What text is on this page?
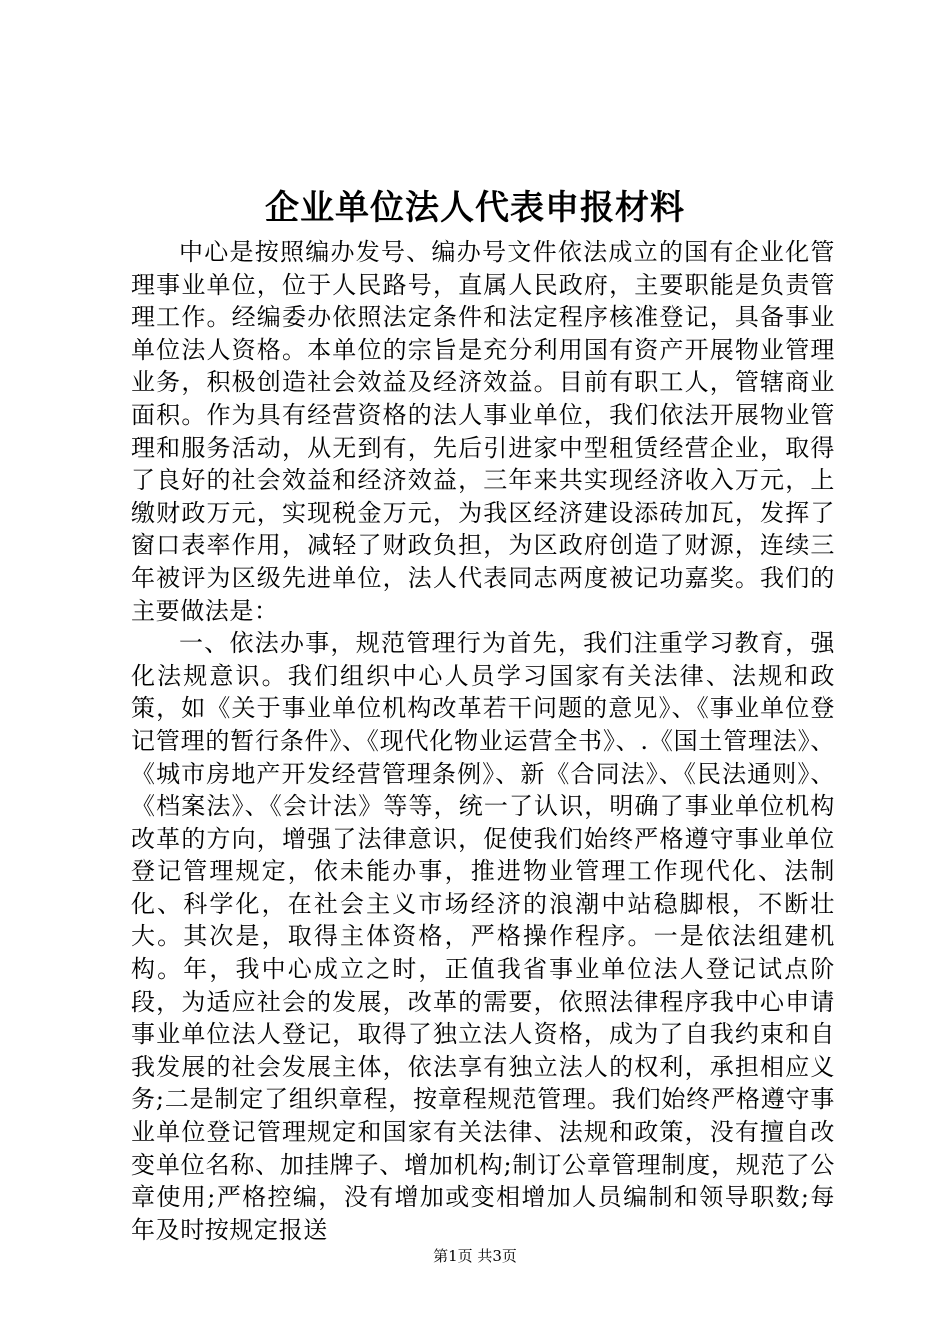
企业单位法人代表申报材料

中心是按照编办发号、编办号文件依法成立的国有企业化管理事业单位，位于人民路号，直属人民政府，主要职能是负责管理工作。经编委办依照法定条件和法定程序核准登记，具备事业单位法人资格。本单位的宗旨是充分利用国有资产开展物业管理业务，积极创造社会效益及经济效益。目前有职工人，管辖商业面积。作为具有经营资格的法人事业单位，我们依法开展物业管理和服务活动，从无到有，先后引进家中型租赁经营企业，取得了良好的社会效益和经济效益，三年来共实现经济收入万元，上缴财政万元，实现税金万元，为我区经济建设添砖加瓦，发挥了窗口表率作用，减轻了财政负担，为区政府创造了财源，连续三年被评为区级先进单位，法人代表同志两度被记功嘉奖。我们的主要做法是：

一、依法办事，规范管理行为首先，我们注重学习教育，强化法规意识。我们组织中心人员学习国家有关法律、法规和政策，如《关于事业单位机构改革若干问题的意见》、《事业单位登记管理的暂行条件》、《现代化物业运营全书》、.《国土管理法》、《城市房地产开发经营管理条例》、新《合同法》、《民法通则》、《档案法》、《会计法》等等，统一了认识，明确了事业单位机构改革的方向，增强了法律意识，促使我们始终严格遵守事业单位登记管理规定，依未能办事，推进物业管理工作现代化、法制化、科学化，在社会主义市场经济的浪潮中站稳脚根，不断壮大。其次是，取得主体资格，严格操作程序。一是依法组建机构。年，我中心成立之时，正值我省事业单位法人登记试点阶段，为适应社会的发展，改革的需要，依照法律程序我中心申请事业单位法人登记，取得了独立法人资格，成为了自我约束和自我发展的社会发展主体，依法享有独立法人的权利，承担相应义务;二是制定了组织章程，按章程规范管理。我们始终严格遵守事业单位登记管理规定和国家有关法律、法规和政策，没有擅自改变单位名称、加挂牌子、增加机构;制订公章管理制度，规范了公章使用;严格控编，没有增加或变相增加人员编制和领导职数;每年及时按规定报送

第1页 共3页
